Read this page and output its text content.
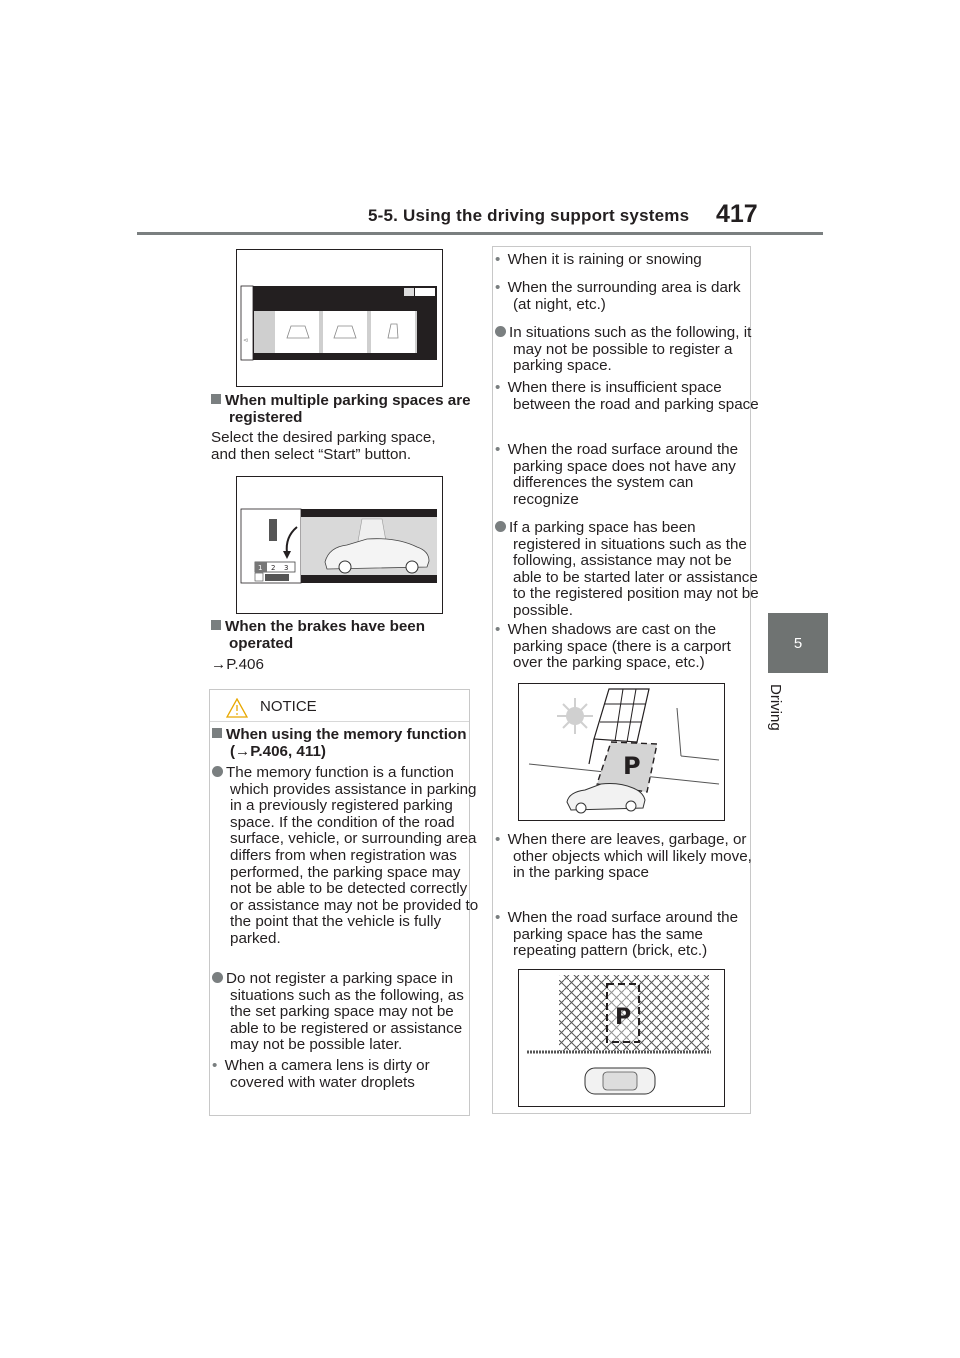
5-5. Using the driving support systems 417
5
Driving
⊲
When multiple parking spaces are registered
Select the desired parking space, and then select “Start” button.
1 2 3
When the brakes have been operated
→P.406
NOTICE
When using the memory function (→P.406, 411)
The memory function is a function which provides assistance in parking in a previously registered parking space. If the condition of the road surface, vehicle, or surrounding area differs from when registration was performed, the parking space may not be able to be detected correctly or assistance may not be provided to the point that the vehicle is fully parked.
Do not register a parking space in situations such as the following, as the set parking space may not be able to be registered or assistance may not be possible later.
• When a camera lens is dirty or covered with water droplets
• When it is raining or snowing
• When the surrounding area is dark (at night, etc.)
In situations such as the following, it may not be possible to register a parking space.
• When there is insufficient space between the road and parking space
• When the road surface around the parking space does not have any differences the system can recognize
If a parking space has been registered in situations such as the following, assistance may not be able to be started later or assistance to the registered position may not be possible.
• When shadows are cast on the parking space (there is a carport over the parking space, etc.)
P
• When there are leaves, garbage, or other objects which will likely move, in the parking space
• When the road surface around the parking space has the same repeating pattern (brick, etc.)
P
